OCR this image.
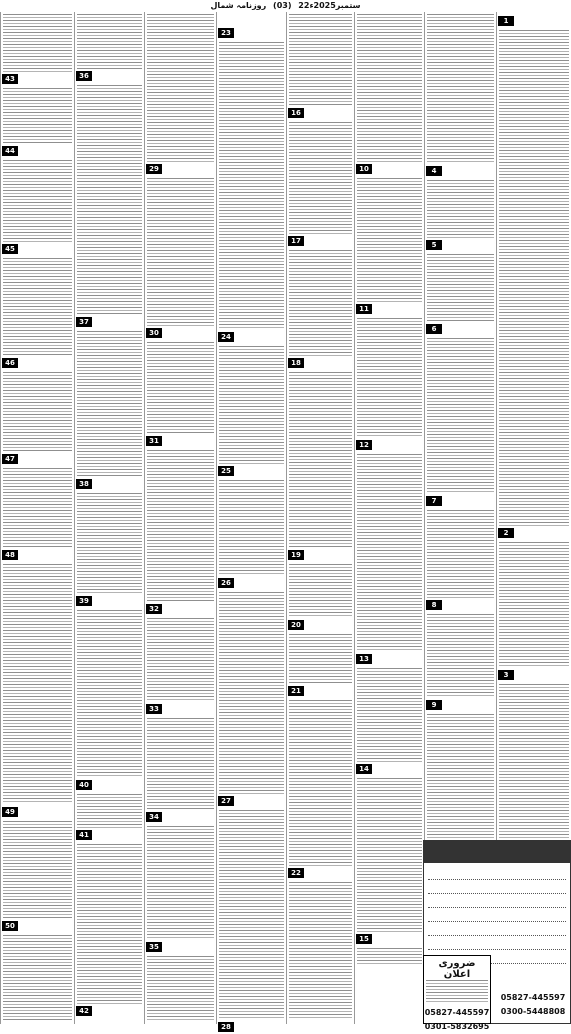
روزنامہ شمال (03) 22ستمبر2025ء
43
44
45
46
47
48
49
50
36
37
38
39
40
41
42
29
30
31
32
33
34
35
23
24
25
26
27
28
16
17
18
19
20
21
22
10
11
12
13
14
15
4
5
6
7
8
9
1
2
3
05827-445597
0300-5448808
ضروری اعلان
05827-445597
0301-5832695
